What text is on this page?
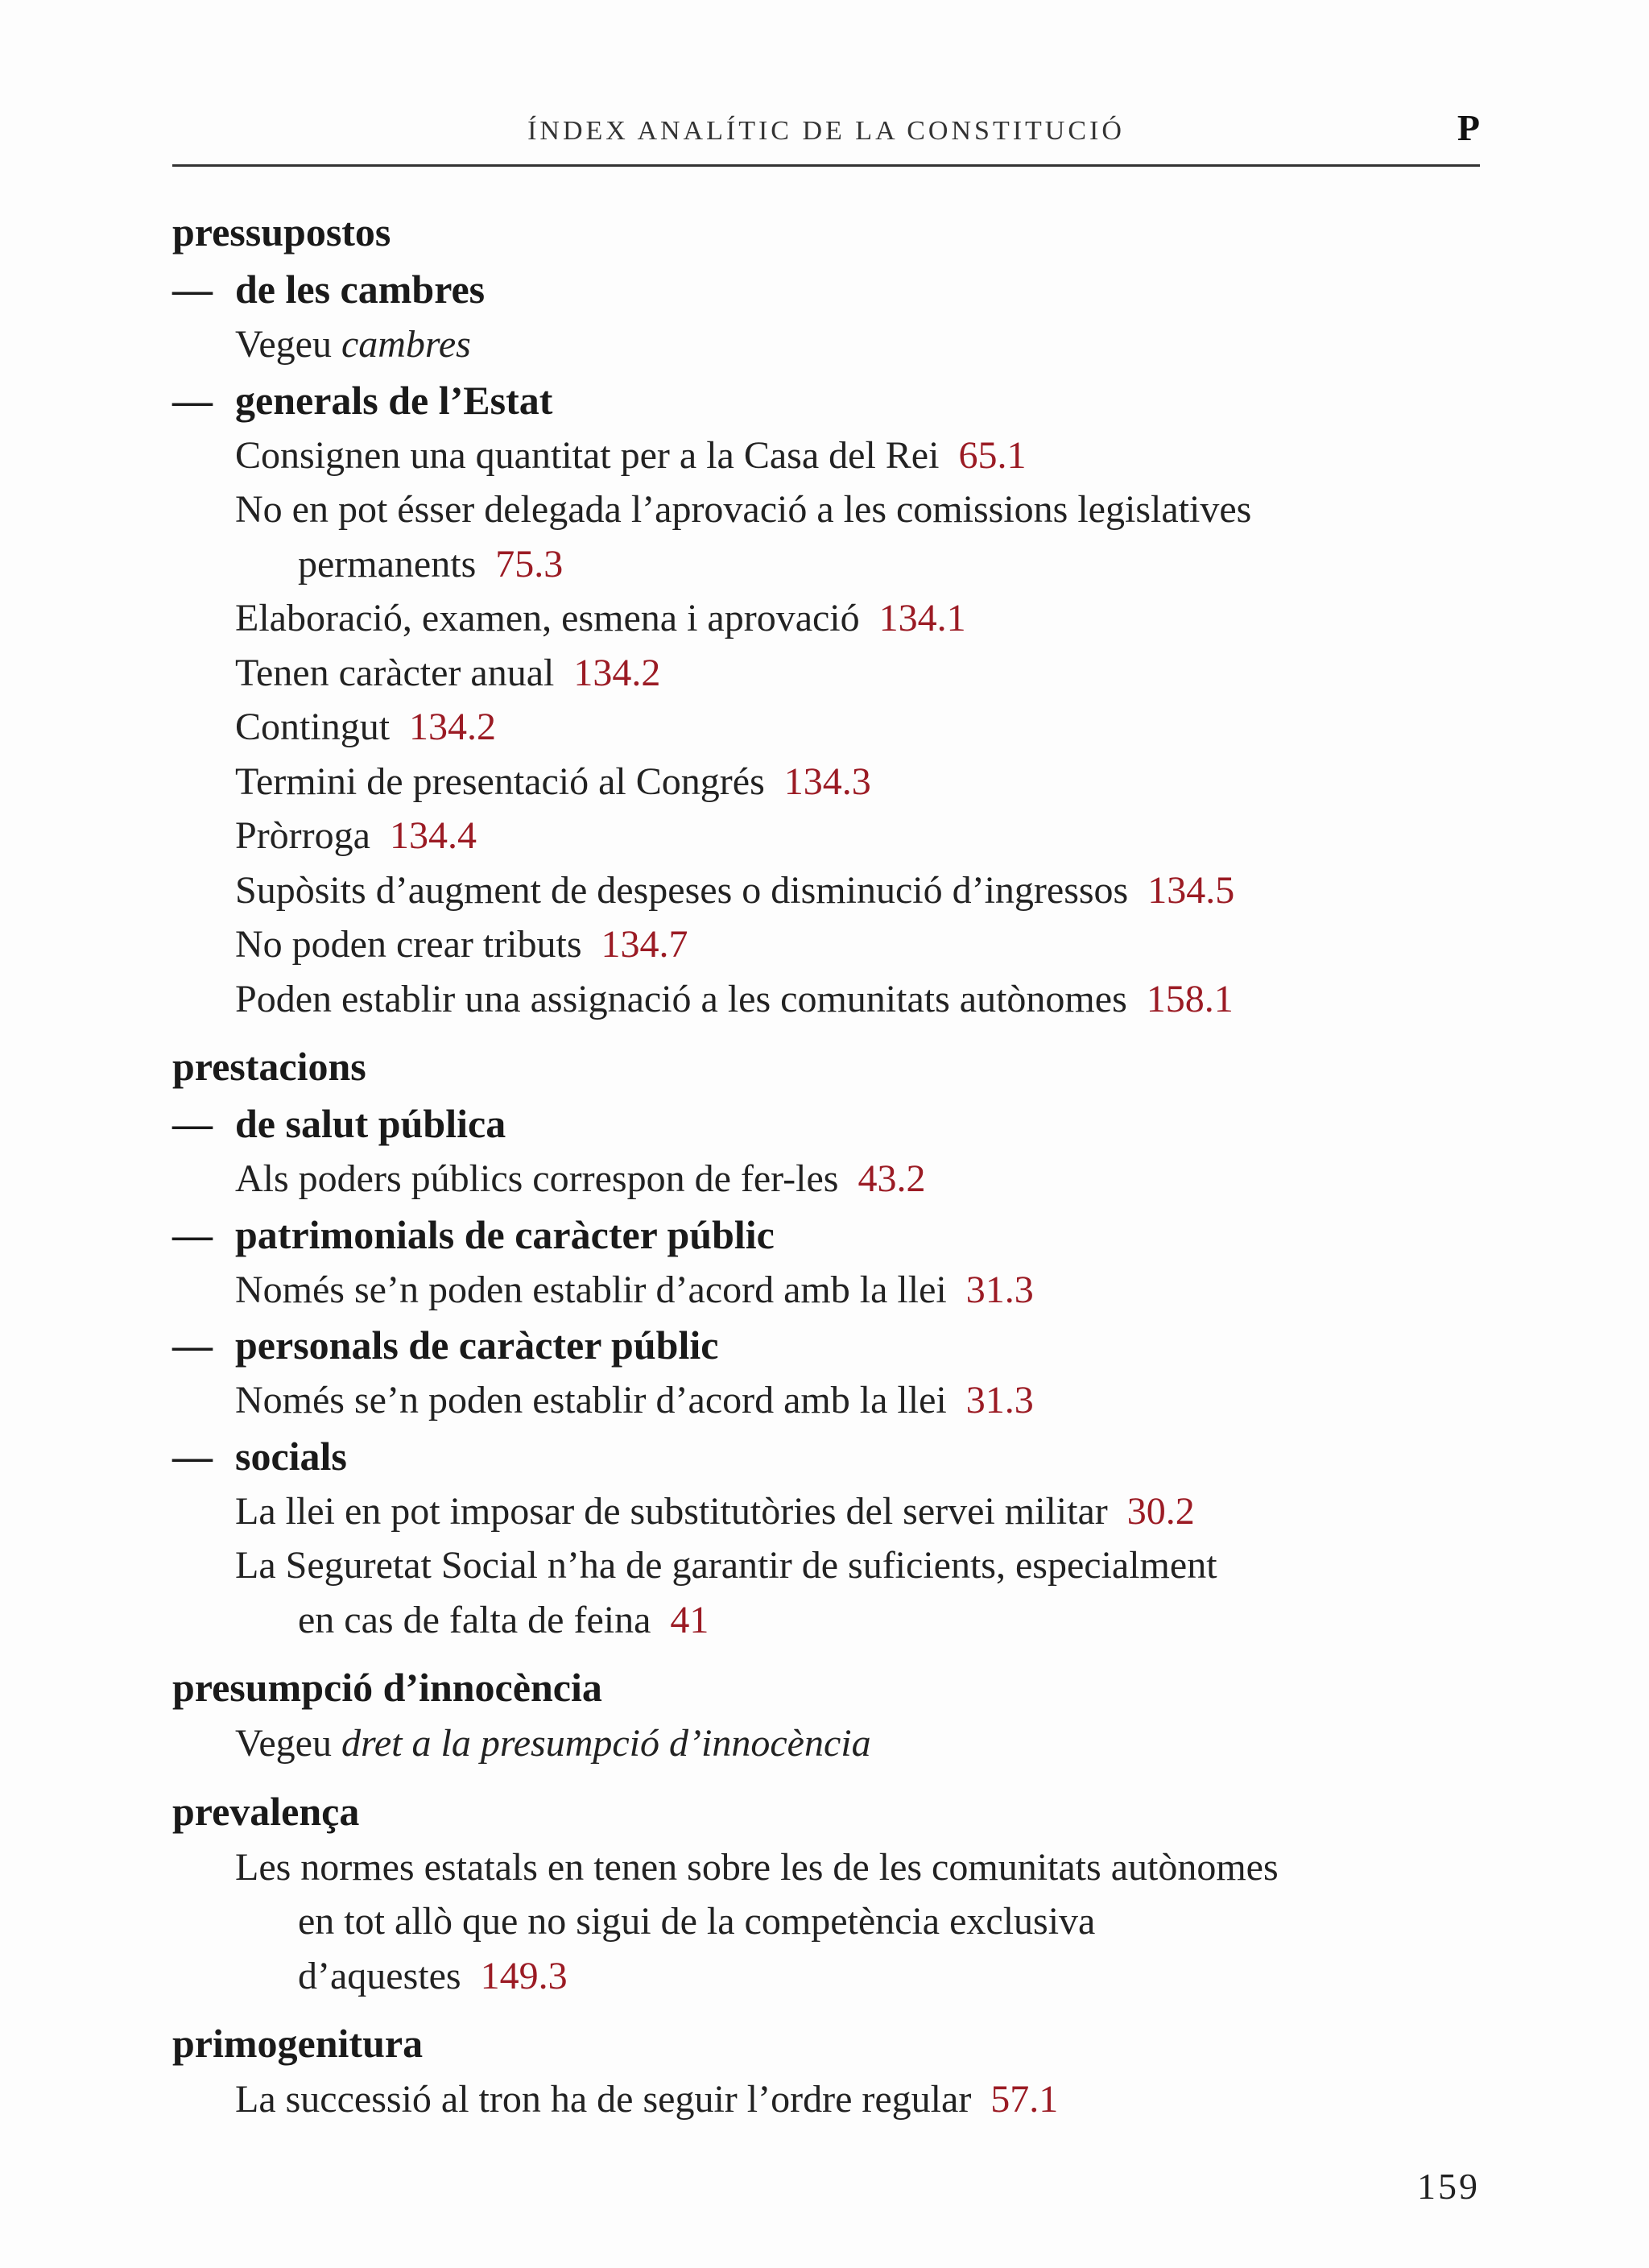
ÍNDEX ANALÍTIC DE LA CONSTITUCIÓ	P
pressupostos
— de les cambres
Vegeu cambres
— generals de l’Estat
Consignen una quantitat per a la Casa del Rei 65.1
No en pot ésser delegada l’aprovació a les comissions legislatives
permanents 75.3
Elaboració, examen, esmena i aprovació 134.1
Tenen caràcter anual 134.2
Contingut 134.2
Termini de presentació al Congrés 134.3
Pròrroga 134.4
Supòsits d’augment de despeses o disminució d’ingressos 134.5
No poden crear tributs 134.7
Poden establir una assignació a les comunitats autònomes 158.1
prestacions
— de salut pública
Als poders públics correspon de fer-les 43.2
— patrimonials de caràcter públic
Només se’n poden establir d’acord amb la llei 31.3
— personals de caràcter públic
Només se’n poden establir d’acord amb la llei 31.3
— socials
La llei en pot imposar de substitutòries del servei militar 30.2
La Seguretat Social n’ha de garantir de suficients, especialment
en cas de falta de feina 41
presumpció d’innocència
Vegeu dret a la presumpció d’innocència
prevalença
Les normes estatals en tenen sobre les de les comunitats autònomes
en tot allò que no sigui de la competència exclusiva
d’aquestes 149.3
primogenitura
La successió al tron ha de seguir l’ordre regular 57.1
159
